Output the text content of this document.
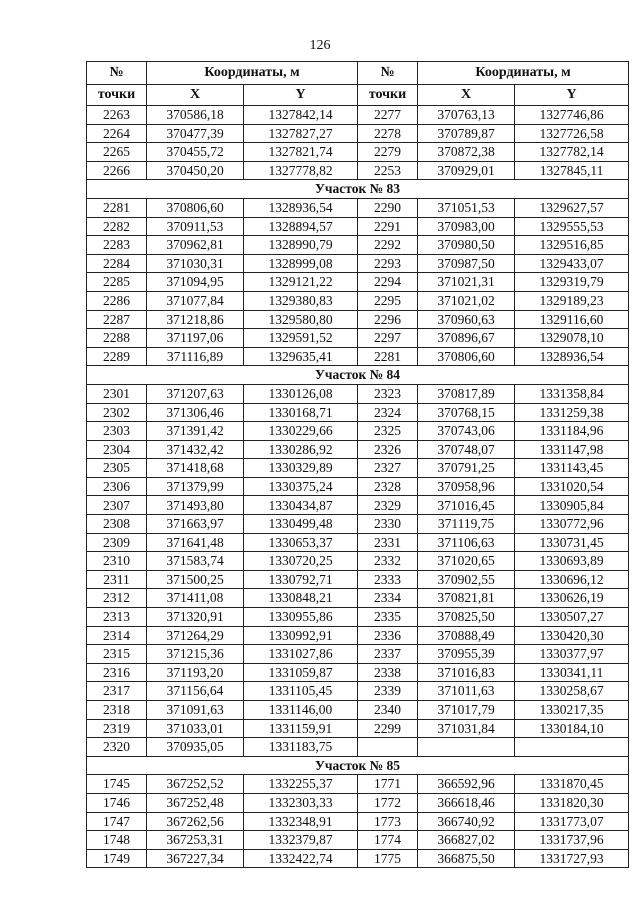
126
№	Координаты, м		№	Координаты, м	
точки	X	Y	точки	X	Y
2263	370586,18	1327842,14	2277	370763,13	1327746,86
2264	370477,39	1327827,27	2278	370789,87	1327726,58
2265	370455,72	1327821,74	2279	370872,38	1327782,14
2266	370450,20	1327778,82	2253	370929,01	1327845,11
Участок № 83					
2281	370806,60	1328936,54	2290	371051,53	1329627,57
2282	370911,53	1328894,57	2291	370983,00	1329555,53
2283	370962,81	1328990,79	2292	370980,50	1329516,85
2284	371030,31	1328999,08	2293	370987,50	1329433,07
2285	371094,95	1329121,22	2294	371021,31	1329319,79
2286	371077,84	1329380,83	2295	371021,02	1329189,23
2287	371218,86	1329580,80	2296	370960,63	1329116,60
2288	371197,06	1329591,52	2297	370896,67	1329078,10
2289	371116,89	1329635,41	2281	370806,60	1328936,54
Участок № 84					
2301	371207,63	1330126,08	2323	370817,89	1331358,84
2302	371306,46	1330168,71	2324	370768,15	1331259,38
2303	371391,42	1330229,66	2325	370743,06	1331184,96
2304	371432,42	1330286,92	2326	370748,07	1331147,98
2305	371418,68	1330329,89	2327	370791,25	1331143,45
2306	371379,99	1330375,24	2328	370958,96	1331020,54
2307	371493,80	1330434,87	2329	371016,45	1330905,84
2308	371663,97	1330499,48	2330	371119,75	1330772,96
2309	371641,48	1330653,37	2331	371106,63	1330731,45
2310	371583,74	1330720,25	2332	371020,65	1330693,89
2311	371500,25	1330792,71	2333	370902,55	1330696,12
2312	371411,08	1330848,21	2334	370821,81	1330626,19
2313	371320,91	1330955,86	2335	370825,50	1330507,27
2314	371264,29	1330992,91	2336	370888,49	1330420,30
2315	371215,36	1331027,86	2337	370955,39	1330377,97
2316	371193,20	1331059,87	2338	371016,83	1330341,11
2317	371156,64	1331105,45	2339	371011,63	1330258,67
2318	371091,63	1331146,00	2340	371017,79	1330217,35
2319	371033,01	1331159,91	2299	371031,84	1330184,10
2320	370935,05	1331183,75			
Участок № 85					
1745	367252,52	1332255,37	1771	366592,96	1331870,45
1746	367252,48	1332303,33	1772	366618,46	1331820,30
1747	367262,56	1332348,91	1773	366740,92	1331773,07
1748	367253,31	1332379,87	1774	366827,02	1331737,96
1749	367227,34	1332422,74	1775	366875,50	1331727,93
